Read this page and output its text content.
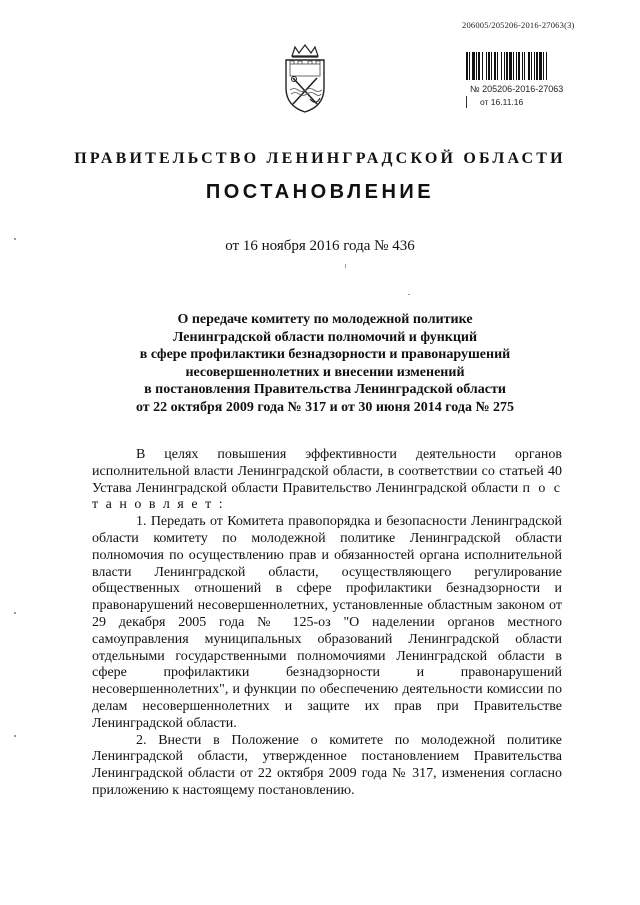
206005/205206-2016-27063(3)
№ 205206-2016-27063
от 16.11.16
ПРАВИТЕЛЬСТВО ЛЕНИНГРАДСКОЙ ОБЛАСТИ
ПОСТАНОВЛЕНИЕ
от 16 ноября 2016 года № 436
О передаче комитету по молодежной политике
Ленинградской области полномочий и функций
в сфере профилактики безнадзорности и правонарушений
несовершеннолетних и внесении изменений
в постановления Правительства Ленинградской области
от 22 октября 2009 года № 317 и от 30 июня 2014 года № 275

В целях повышения эффективности деятельности органов исполнительной власти Ленинградской области, в соответствии со статьей 40 Устава Ленинградской области Правительство Ленинградской области п о с т а н о в л я е т :

1. Передать от Комитета правопорядка и безопасности Ленинградской области комитету по молодежной политике Ленинградской области полномочия по осуществлению прав и обязанностей органа исполнительной власти Ленинградской области, осуществляющего регулирование общественных отношений в сфере профилактики безнадзорности и правонарушений несовершеннолетних, установленные областным законом от 29 декабря 2005 года № 125-оз "О наделении органов местного самоуправления муниципальных образований Ленинградской области отдельными государственными полномочиями Ленинградской области в сфере профилактики безнадзорности и правонарушений несовершеннолетних", и функции по обеспечению деятельности комиссии по делам несовершеннолетних и защите их прав при Правительстве Ленинградской области.

2. Внести в Положение о комитете по молодежной политике Ленинградской области, утвержденное постановлением Правительства Ленинградской области от 22 октября 2009 года № 317, изменения согласно приложению к настоящему постановлению.
